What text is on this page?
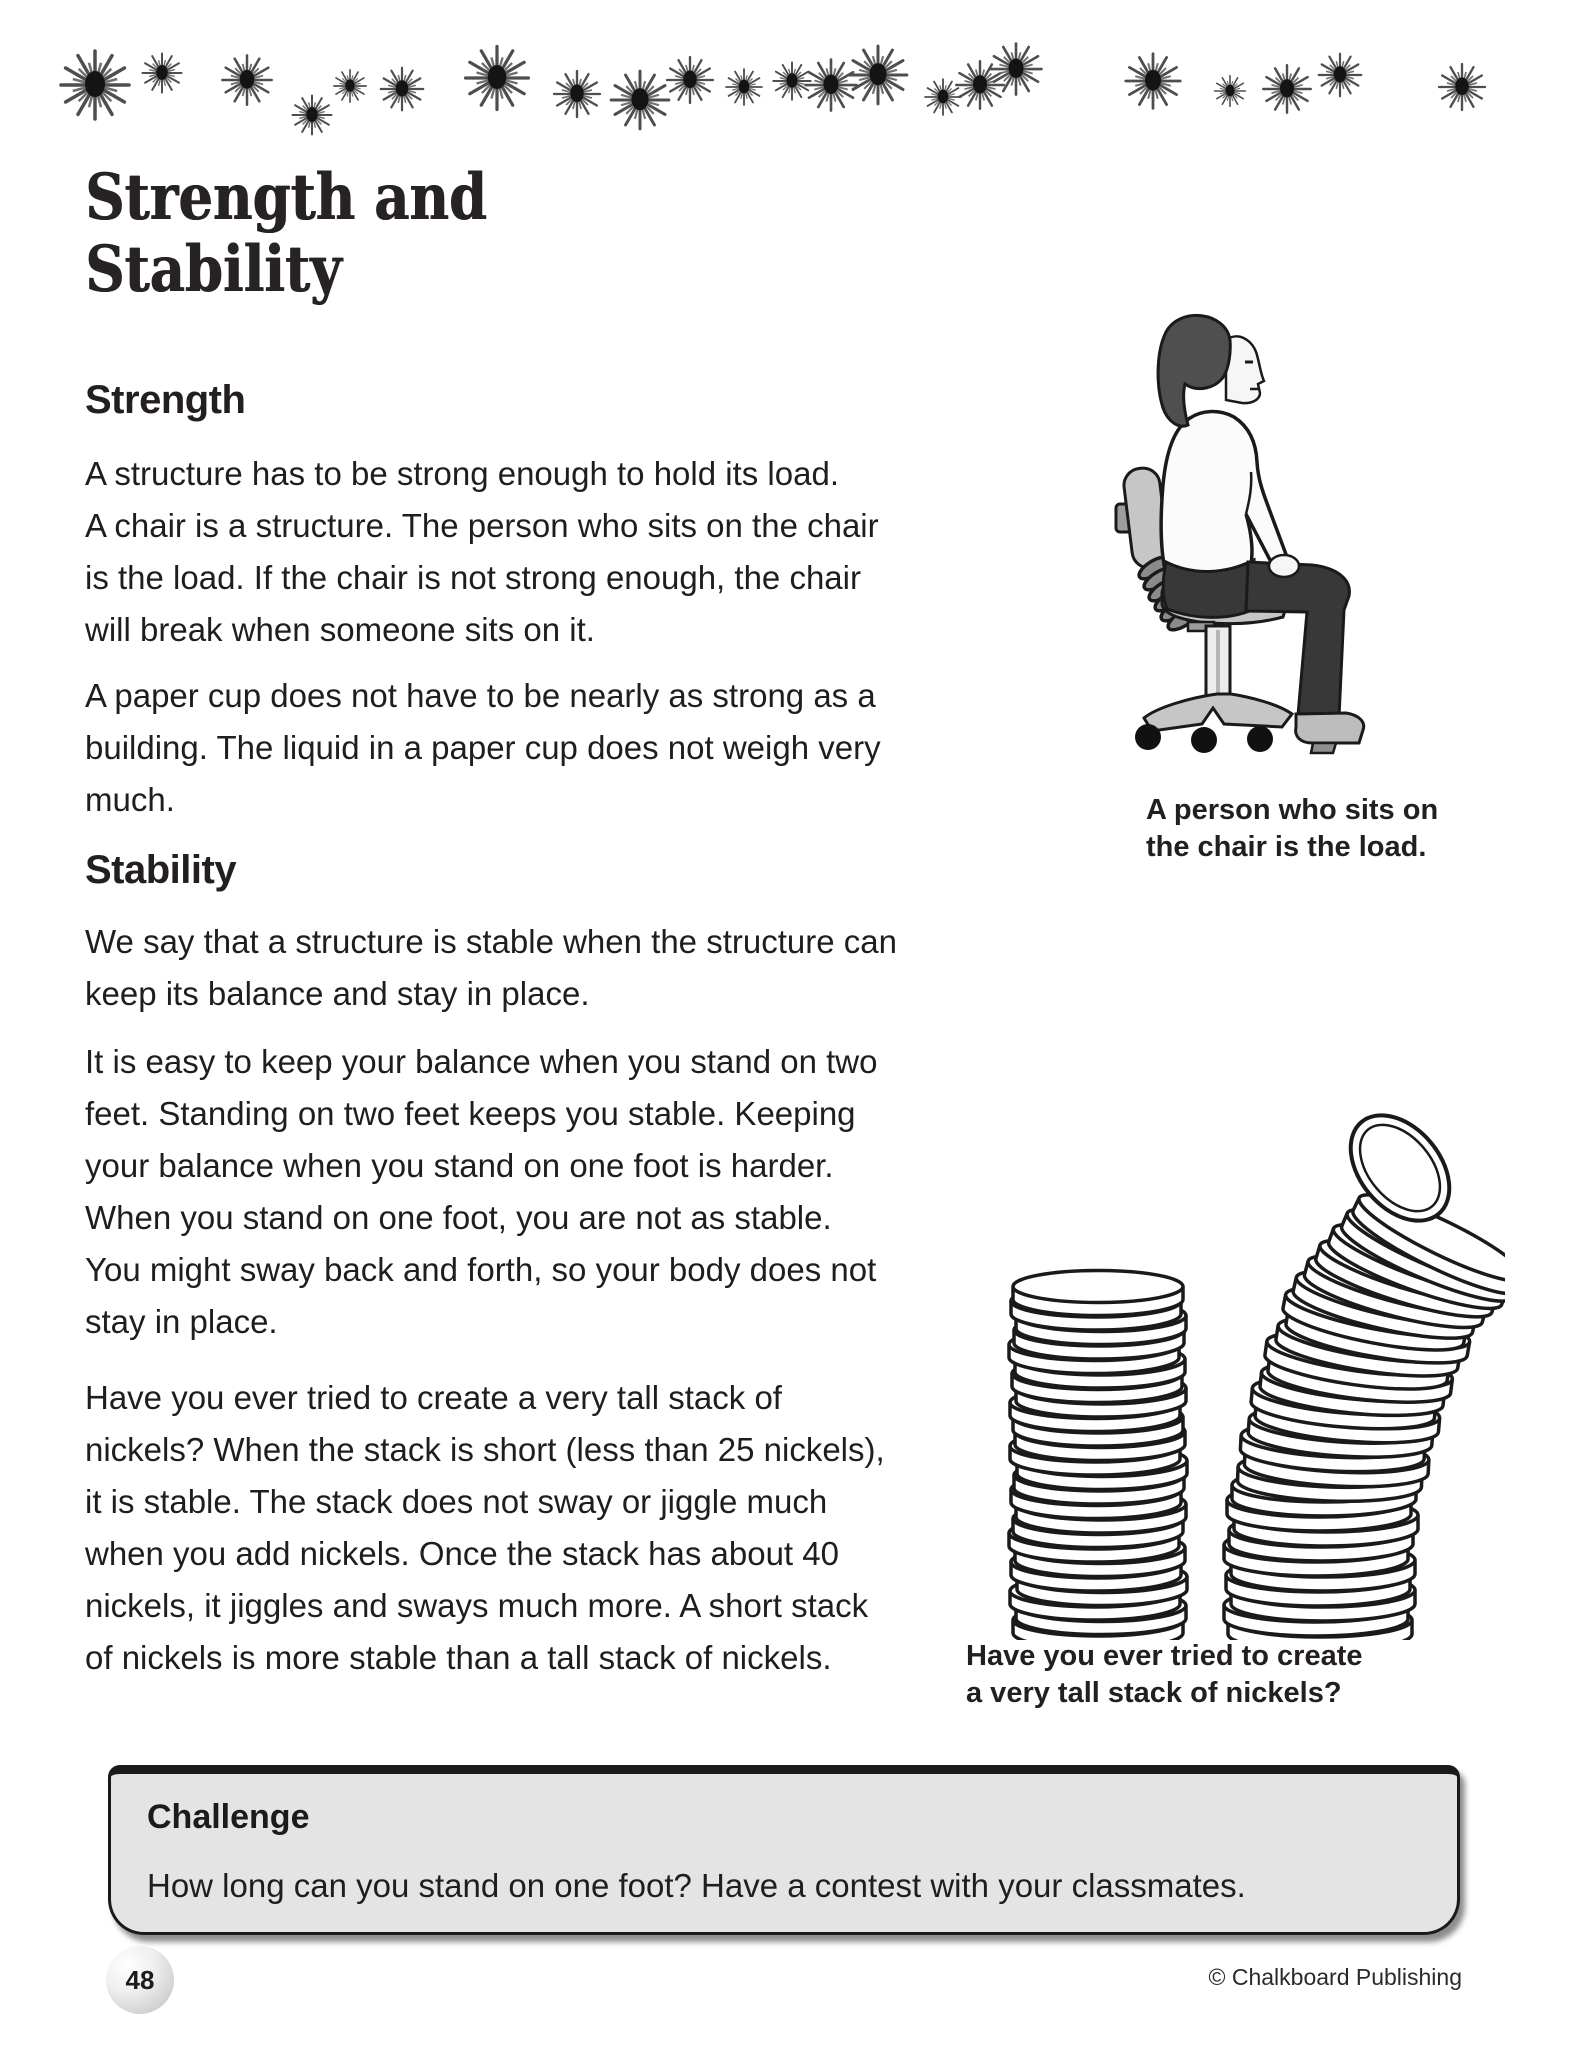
Strength and
Stability
Strength
A structure has to be strong enough to hold its load.
A chair is a structure. The person who sits on the chair
is the load. If the chair is not strong enough, the chair
will break when someone sits on it.
A paper cup does not have to be nearly as strong as a
building. The liquid in a paper cup does not weigh very
much.
Stability
We say that a structure is stable when the structure can
keep its balance and stay in place.
It is easy to keep your balance when you stand on two
feet. Standing on two feet keeps you stable. Keeping
your balance when you stand on one foot is harder.
When you stand on one foot, you are not as stable.
You might sway back and forth, so your body does not
stay in place.
Have you ever tried to create a very tall stack of
nickels? When the stack is short (less than 25 nickels),
it is stable. The stack does not sway or jiggle much
when you add nickels. Once the stack has about 40
nickels, it jiggles and sways much more. A short stack
of nickels is more stable than a tall stack of nickels.
A person who sits on
the chair is the load.
Have you ever tried to create
a very tall stack of nickels?
Challenge
How long can you stand on one foot? Have a contest with your classmates.
48	© Chalkboard Publishing
